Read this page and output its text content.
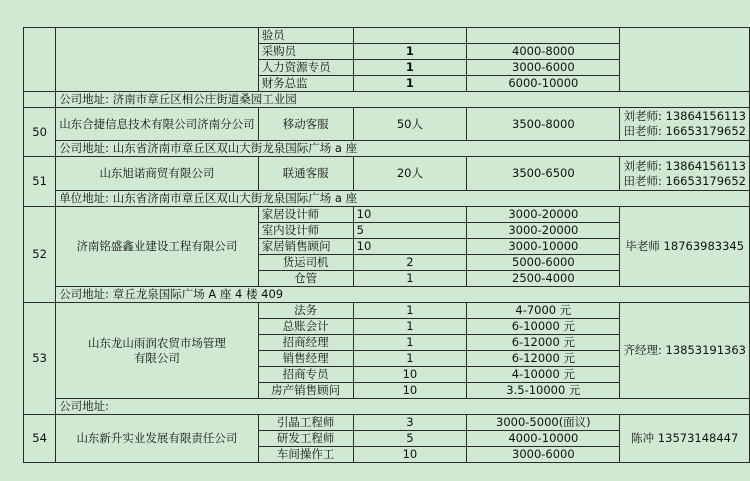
		验员			
		采购员	1	4000-8000	
		人力资源专员	1	3000-6000	
		财务总监	1	6000-10000	
	公司地址: 济南市章丘区相公庄街道桑园工业园				
50	山东合捷信息技术有限公司济南分公司	移动客服	50人	3500-8000	刘老师: 13864156113
田老师: 16653179652

	公司地址: 山东省济南市章丘区双山大街龙泉国际广场 a 座				
51	山东旭诺商贸有限公司	联通客服	20人	3500-6500	刘老师: 13864156113
田老师: 16653179652

	单位地址: 山东省济南市章丘区双山大街龙泉国际广场 a 座				
52	济南铭盛鑫业建设工程有限公司	家居设计师	10	3000-20000	毕老师 18763983345
		室内设计师	5	3000-20000	
		家居销售顾问	10	3000-10000	
		货运司机	2	5000-6000	
		仓管	1	2500-4000	
	公司地址: 章丘龙泉国际广场 A 座 4 楼 409				
53	山东龙山雨润农贸市场管理
有限公司	法务	1	4-7000 元	齐经理: 13853191363
		总账会计	1	6-10000 元	
		招商经理	1	6-12000 元	
		销售经理	1	6-12000 元	
		招商专员	10	4-10000 元	
		房产销售顾问	10	3.5-10000 元	
	公司地址:				
54	山东新升实业发展有限责任公司	引晶工程师	3	3000-5000(面议)	陈冲 13573148447
		研发工程师	5	4000-10000	
		车间操作工	10	3000-6000	
